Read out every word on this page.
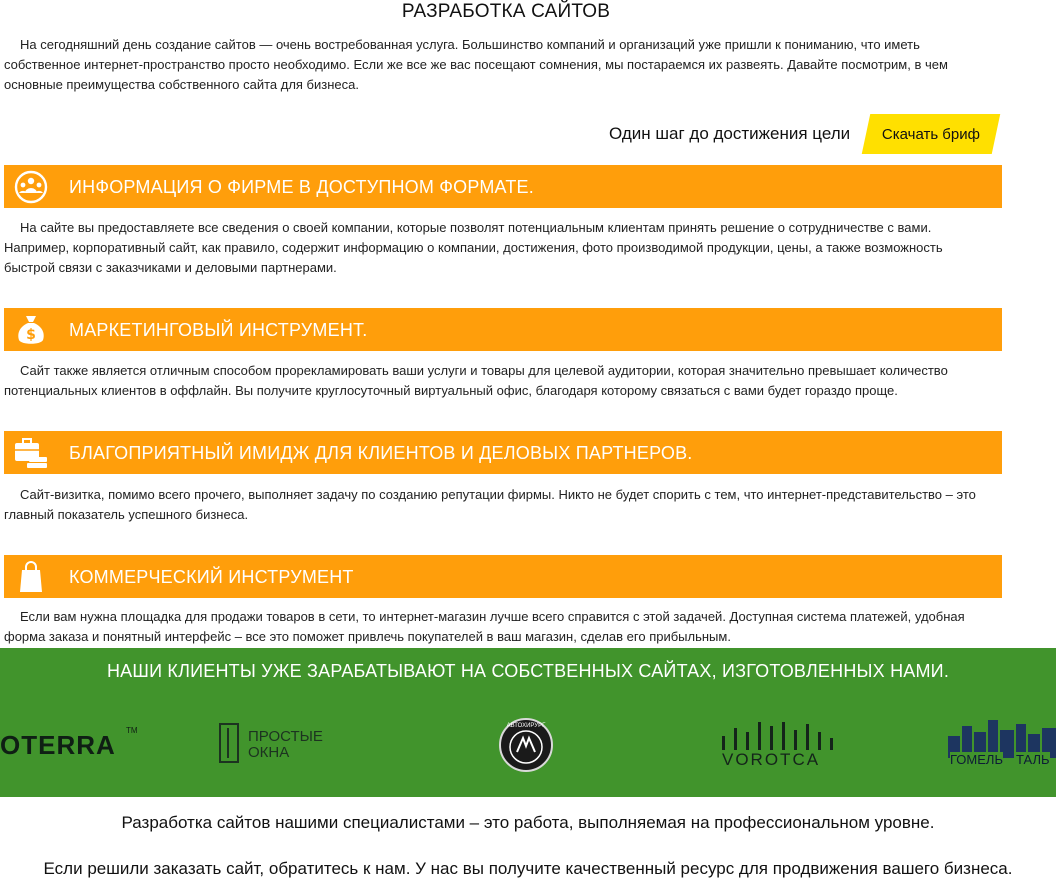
РАЗРАБОТКА САЙТОВ
На сегодняшний день создание сайтов — очень востребованная услуга. Большинство компаний и организаций уже пришли к пониманию, что иметь собственное интернет-пространство просто необходимо. Если же все же вас посещают сомнения, мы постараемся их развеять. Давайте посмотрим, в чем основные преимущества собственного сайта для бизнеса.
Один шаг до достижения цели Скачать бриф
ИНФОРМАЦИЯ О ФИРМЕ В ДОСТУПНОМ ФОРМАТЕ.
На сайте вы предоставляете все сведения о своей компании, которые позволят потенциальным клиентам принять решение о сотрудничестве с вами. Например, корпоративный сайт, как правило, содержит информацию о компании, достижения, фото производимой продукции, цены, а также возможность быстрой связи с заказчиками и деловыми партнерами.
$ МАРКЕТИНГОВЫЙ ИНСТРУМЕНТ.
Сайт также является отличным способом прорекламировать ваши услуги и товары для целевой аудитории, которая значительно превышает количество потенциальных клиентов в оффлайн. Вы получите круглосуточный виртуальный офис, благодаря которому связаться с вами будет гораздо проще.
БЛАГОПРИЯТНЫЙ ИМИДЖ ДЛЯ КЛИЕНТОВ И ДЕЛОВЫХ ПАРТНЕРОВ.
Сайт-визитка, помимо всего прочего, выполняет задачу по созданию репутации фирмы. Никто не будет спорить с тем, что интернет-представительство – это главный показатель успешного бизнеса.
КОММЕРЧЕСКИЙ ИНСТРУМЕНТ
Если вам нужна площадка для продажи товаров в сети, то интернет-магазин лучше всего справится с этой задачей. Доступная система платежей, удобная форма заказа и понятный интерфейс – все это поможет привлечь покупателей в ваш магазин, сделав его прибыльным.
НАШИ КЛИЕНТЫ УЖЕ ЗАРАБАТЫВАЮТ НА СОБСТВЕННЫХ САЙТАХ, ИЗГОТОВЛЕННЫХ НАМИ.
OTERRA TM	ПРОСТЫЕ
ОКНА
АВТОХИРУРГ
VOROTCA	ГОМЕЛЬ ТАЛЬ
Разработка сайтов нашими специалистами – это работа, выполняемая на профессиональном уровне.
Если решили заказать сайт, обратитесь к нам. У нас вы получите качественный ресурс для продвижения вашего бизнеса.
